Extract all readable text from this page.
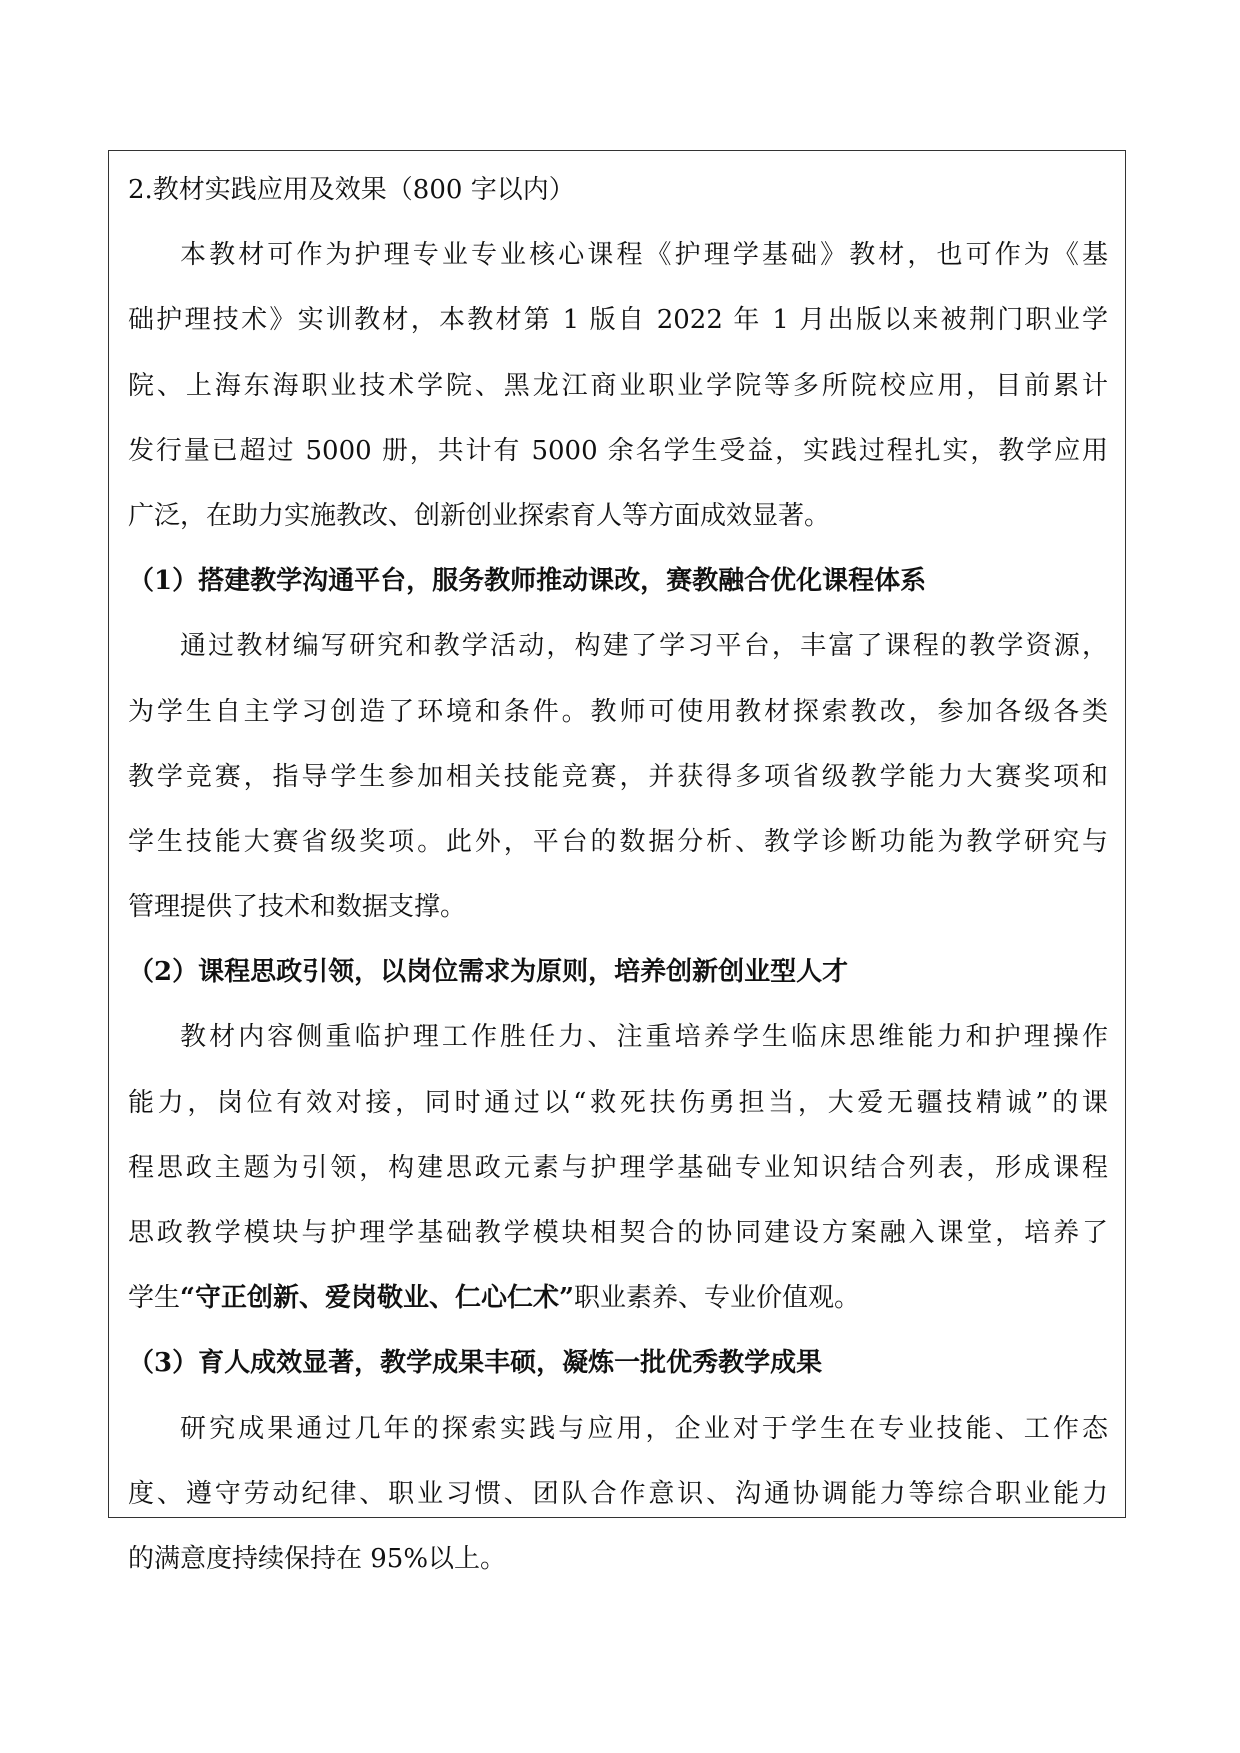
2.教材实践应用及效果（800 字以内）
本教材可作为护理专业专业核心课程《护理学基础》教材，也可作为《基
础护理技术》实训教材，本教材第 1 版自 2022 年 1 月出版以来被荆门职业学
院、上海东海职业技术学院、黑龙江商业职业学院等多所院校应用，目前累计
发行量已超过 5000 册，共计有 5000 余名学生受益，实践过程扎实，教学应用
广泛，在助力实施教改、创新创业探索育人等方面成效显著。
（1）搭建教学沟通平台，服务教师推动课改，赛教融合优化课程体系
通过教材编写研究和教学活动，构建了学习平台，丰富了课程的教学资源，
为学生自主学习创造了环境和条件。教师可使用教材探索教改，参加各级各类
教学竞赛，指导学生参加相关技能竞赛，并获得多项省级教学能力大赛奖项和
学生技能大赛省级奖项。此外，平台的数据分析、教学诊断功能为教学研究与
管理提供了技术和数据支撑。
（2）课程思政引领，以岗位需求为原则，培养创新创业型人才
教材内容侧重临护理工作胜任力、注重培养学生临床思维能力和护理操作
能力，岗位有效对接，同时通过以“救死扶伤勇担当，大爱无疆技精诚”的课
程思政主题为引领，构建思政元素与护理学基础专业知识结合列表，形成课程
思政教学模块与护理学基础教学模块相契合的协同建设方案融入课堂，培养了
学生“守正创新、爱岗敬业、仁心仁术”职业素养、专业价值观。
（3）育人成效显著，教学成果丰硕，凝炼一批优秀教学成果
研究成果通过几年的探索实践与应用，企业对于学生在专业技能、工作态
度、遵守劳动纪律、职业习惯、团队合作意识、沟通协调能力等综合职业能力
的满意度持续保持在 95%以上。
